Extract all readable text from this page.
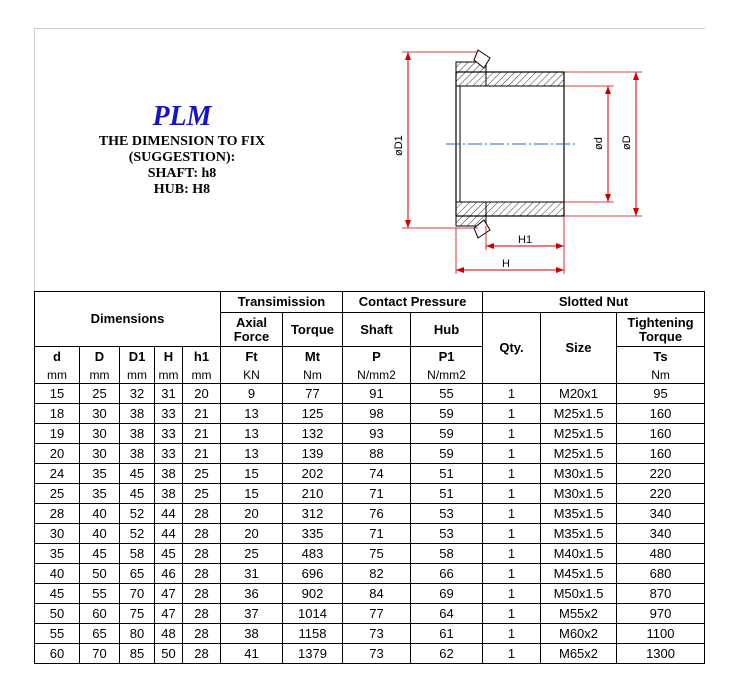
PLM
THE DIMENSION TO FIX
(SUGGESTION):
SHAFT: h8
HUB: H8
øD1	ød øD
H1
H
Dimensions					Transimission		Contact Pressure		Slotted Nut		
					Axial
Force	Torque	Shaft	Hub	Qty.	Size	Tightening
Torque

d	D	D1	H	h1	Ft	Mt	P	P1			Ts
mm	mm	mm	mm	mm	KN	Nm	N/mm2	N/mm2			Nm
15	25	32	31	20	9	77	91	55	1	M20x1	95
18	30	38	33	21	13	125	98	59	1	M25x1.5	160
19	30	38	33	21	13	132	93	59	1	M25x1.5	160
20	30	38	33	21	13	139	88	59	1	M25x1.5	160
24	35	45	38	25	15	202	74	51	1	M30x1.5	220
25	35	45	38	25	15	210	71	51	1	M30x1.5	220
28	40	52	44	28	20	312	76	53	1	M35x1.5	340
30	40	52	44	28	20	335	71	53	1	M35x1.5	340
35	45	58	45	28	25	483	75	58	1	M40x1.5	480
40	50	65	46	28	31	696	82	66	1	M45x1.5	680
45	55	70	47	28	36	902	84	69	1	M50x1.5	870
50	60	75	47	28	37	1014	77	64	1	M55x2	970
55	65	80	48	28	38	1158	73	61	1	M60x2	1100
60	70	85	50	28	41	1379	73	62	1	M65x2	1300
